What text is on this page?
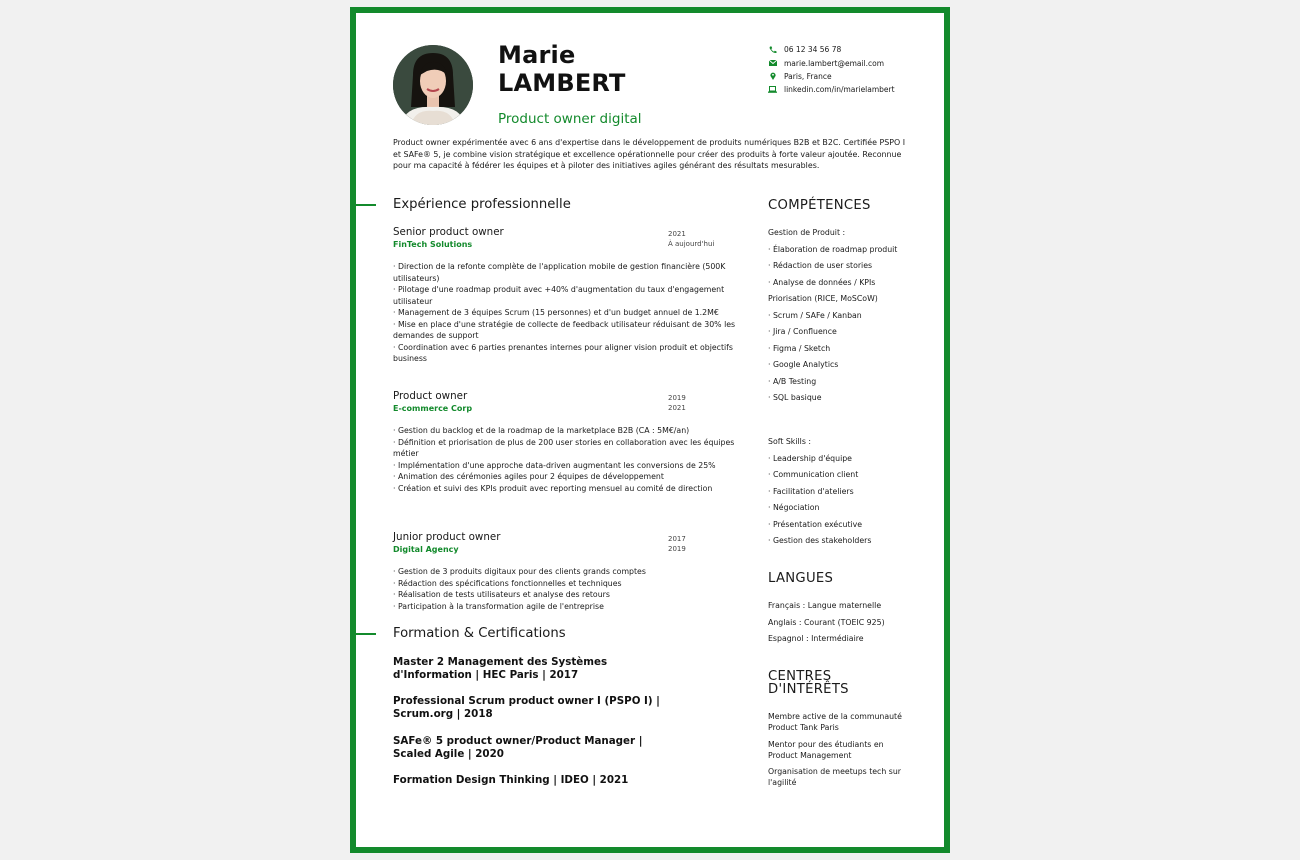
Marie
LAMBERT
Product owner digital
06 12 34 56 78
marie.lambert@email.com
Paris, France
linkedin.com/in/marielambert
Product owner expérimentée avec 6 ans d'expertise dans le développement de produits numériques B2B et B2C. Certifiée PSPO I et SAFe® 5, je combine vision stratégique et excellence opérationnelle pour créer des produits à forte valeur ajoutée. Reconnue pour ma capacité à fédérer les équipes et à piloter des initiatives agiles générant des résultats mesurables.
Expérience professionnelle
Senior product owner
FinTech Solutions
2021
À aujourd'hui
· Direction de la refonte complète de l'application mobile de gestion financière (500K utilisateurs)
· Pilotage d'une roadmap produit avec +40% d'augmentation du taux d'engagement utilisateur
· Management de 3 équipes Scrum (15 personnes) et d'un budget annuel de 1.2M€
· Mise en place d'une stratégie de collecte de feedback utilisateur réduisant de 30% les demandes de support
· Coordination avec 6 parties prenantes internes pour aligner vision produit et objectifs business
Product owner
E-commerce Corp
2019
2021
· Gestion du backlog et de la roadmap de la marketplace B2B (CA : 5M€/an)
· Définition et priorisation de plus de 200 user stories en collaboration avec les équipes métier
· Implémentation d'une approche data-driven augmentant les conversions de 25%
· Animation des cérémonies agiles pour 2 équipes de développement
· Création et suivi des KPIs produit avec reporting mensuel au comité de direction
Junior product owner
Digital Agency
2017
2019
· Gestion de 3 produits digitaux pour des clients grands comptes
· Rédaction des spécifications fonctionnelles et techniques
· Réalisation de tests utilisateurs et analyse des retours
· Participation à la transformation agile de l'entreprise
Formation & Certifications
Master 2 Management des Systèmes d'Information | HEC Paris | 2017
Professional Scrum product owner I (PSPO I) | Scrum.org | 2018
SAFe® 5 product owner/Product Manager | Scaled Agile | 2020
Formation Design Thinking | IDEO | 2021
COMPÉTENCES
Gestion de Produit :
· Élaboration de roadmap produit
· Rédaction de user stories
· Analyse de données / KPIs
Priorisation (RICE, MoSCoW)
· Scrum / SAFe / Kanban
· Jira / Confluence
· Figma / Sketch
· Google Analytics
· A/B Testing
· SQL basique
Soft Skills :
· Leadership d'équipe
· Communication client
· Facilitation d'ateliers
· Négociation
· Présentation exécutive
· Gestion des stakeholders
LANGUES
Français : Langue maternelle
Anglais : Courant (TOEIC 925)
Espagnol : Intermédiaire
CENTRES
D'INTÉRÊTS
Membre active de la communauté Product Tank Paris
Mentor pour des étudiants en Product Management
Organisation de meetups tech sur l'agilité
